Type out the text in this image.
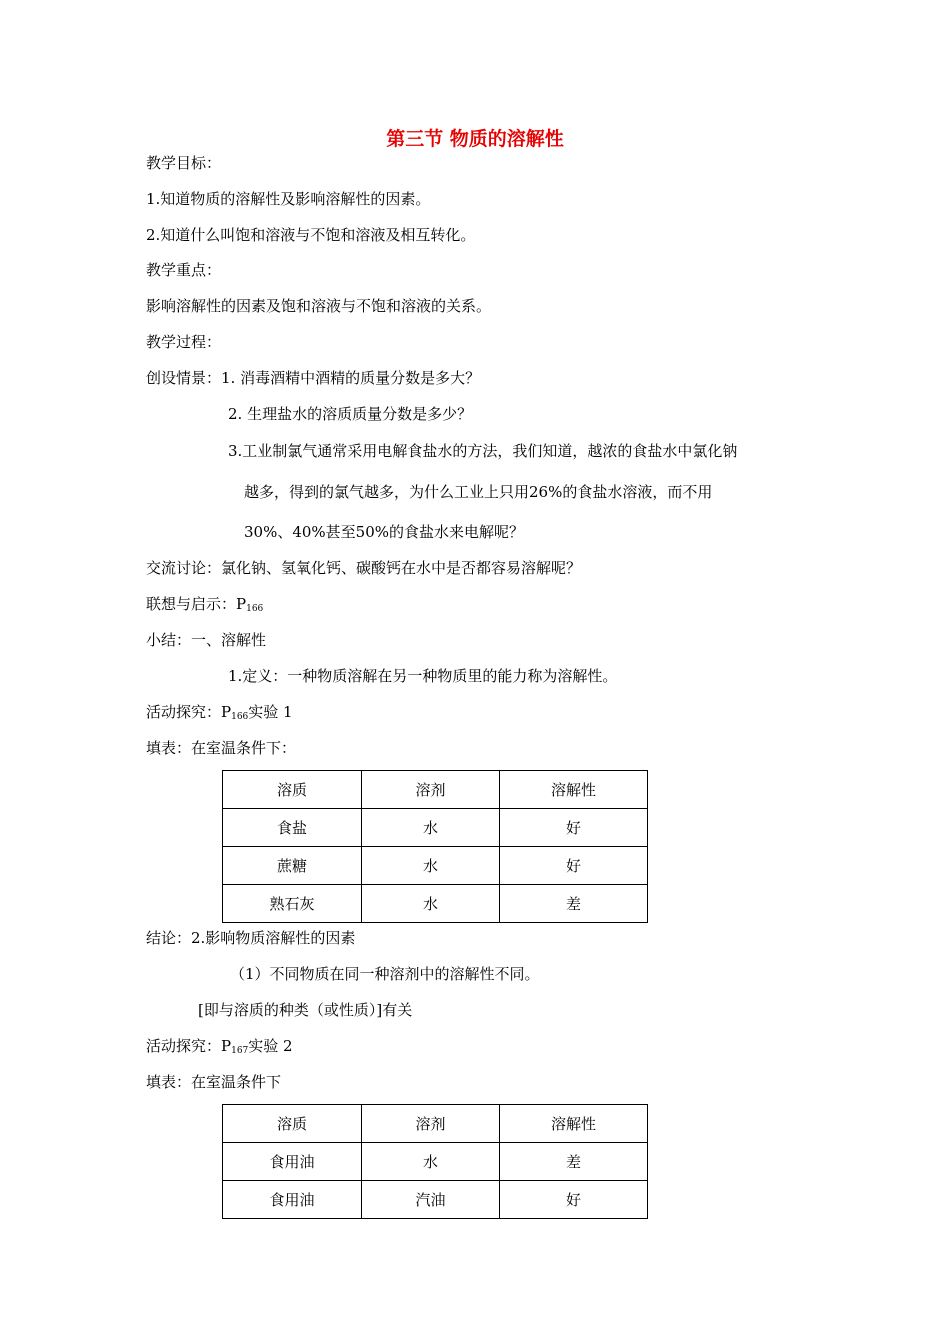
第三节 物质的溶解性
教学目标：
1.知道物质的溶解性及影响溶解性的因素。
2.知道什么叫饱和溶液与不饱和溶液及相互转化。
教学重点：
影响溶解性的因素及饱和溶液与不饱和溶液的关系。
教学过程：
创设情景：1. 消毒酒精中酒精的质量分数是多大？
2. 生理盐水的溶质质量分数是多少？
3.工业制氯气通常采用电解食盐水的方法，我们知道，越浓的食盐水中氯化钠
越多，得到的氯气越多，为什么工业上只用26%的食盐水溶液，而不用
30%、40%甚至50%的食盐水来电解呢？
交流讨论：氯化钠、氢氧化钙、碳酸钙在水中是否都容易溶解呢？
联想与启示：$P_{166}$
小结：一、溶解性
1.定义：一种物质溶解在另一种物质里的能力称为溶解性。
活动探究：$P_{166}$实验 1
填表：在室温条件下：
溶质	溶剂	溶解性
食盐	水	好
蔗糖	水	好
熟石灰	水	差
结论：2.影响物质溶解性的因素
（1）不同物质在同一种溶剂中的溶解性不同。
[即与溶质的种类（或性质）]有关
活动探究：$P_{167}$实验 2
填表：在室温条件下
溶质	溶剂	溶解性
食用油	水	差
食用油	汽油	好
